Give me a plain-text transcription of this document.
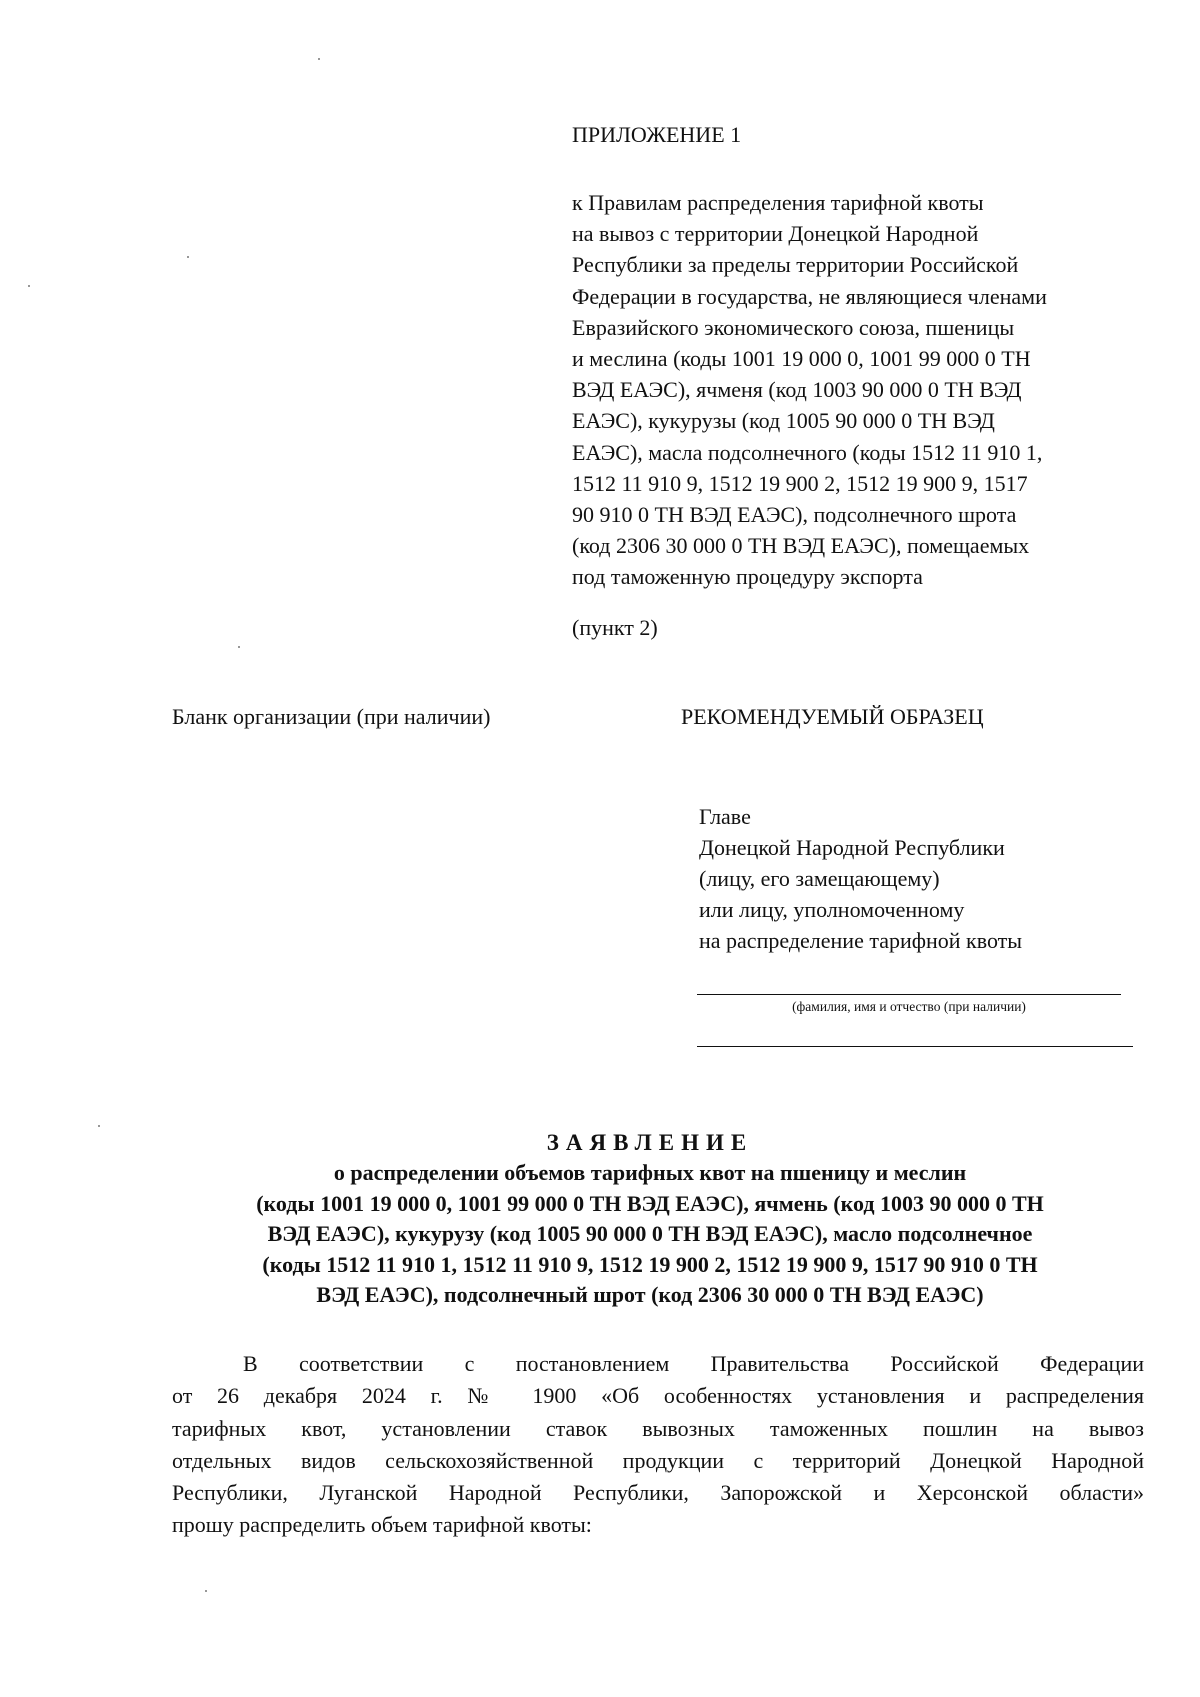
ПРИЛОЖЕНИЕ 1
к Правилам распределения тарифной квоты
на вывоз с территории Донецкой Народной
Республики за пределы территории Российской
Федерации в государства, не являющиеся членами
Евразийского экономического союза, пшеницы
и меслина (коды 1001 19 000 0, 1001 99 000 0 ТН
ВЭД ЕАЭС), ячменя (код 1003 90 000 0 ТН ВЭД
ЕАЭС), кукурузы (код 1005 90 000 0 ТН ВЭД
ЕАЭС), масла подсолнечного (коды 1512 11 910 1,
1512 11 910 9, 1512 19 900 2, 1512 19 900 9, 1517
90 910 0 ТН ВЭД ЕАЭС), подсолнечного шрота
(код 2306 30 000 0 ТН ВЭД ЕАЭС), помещаемых
под таможенную процедуру экспорта
(пункт 2)
Бланк организации (при наличии)	РЕКОМЕНДУЕМЫЙ ОБРАЗЕЦ
Главе
Донецкой Народной Республики
(лицу, его замещающему)
или лицу, уполномоченному
на распределение тарифной квоты
(фамилия, имя и отчество (при наличии)
ЗАЯВЛЕНИЕ
о распределении объемов тарифных квот на пшеницу и меслин
(коды 1001 19 000 0, 1001 99 000 0 ТН ВЭД ЕАЭС), ячмень (код 1003 90 000 0 ТН
ВЭД ЕАЭС), кукурузу (код 1005 90 000 0 ТН ВЭД ЕАЭС), масло подсолнечное
(коды 1512 11 910 1, 1512 11 910 9, 1512 19 900 2, 1512 19 900 9, 1517 90 910 0 ТН
ВЭД ЕАЭС), подсолнечный шрот (код 2306 30 000 0 ТН ВЭД ЕАЭС)
В соответствии с постановлением Правительства Российской Федерации
от 26 декабря 2024 г. № 1900 «Об особенностях установления и распределения
тарифных квот, установлении ставок вывозных таможенных пошлин на вывоз
отдельных видов сельскохозяйственной продукции с территорий Донецкой Народной
Республики, Луганской Народной Республики, Запорожской и Херсонской области»
прошу распределить объем тарифной квоты:
